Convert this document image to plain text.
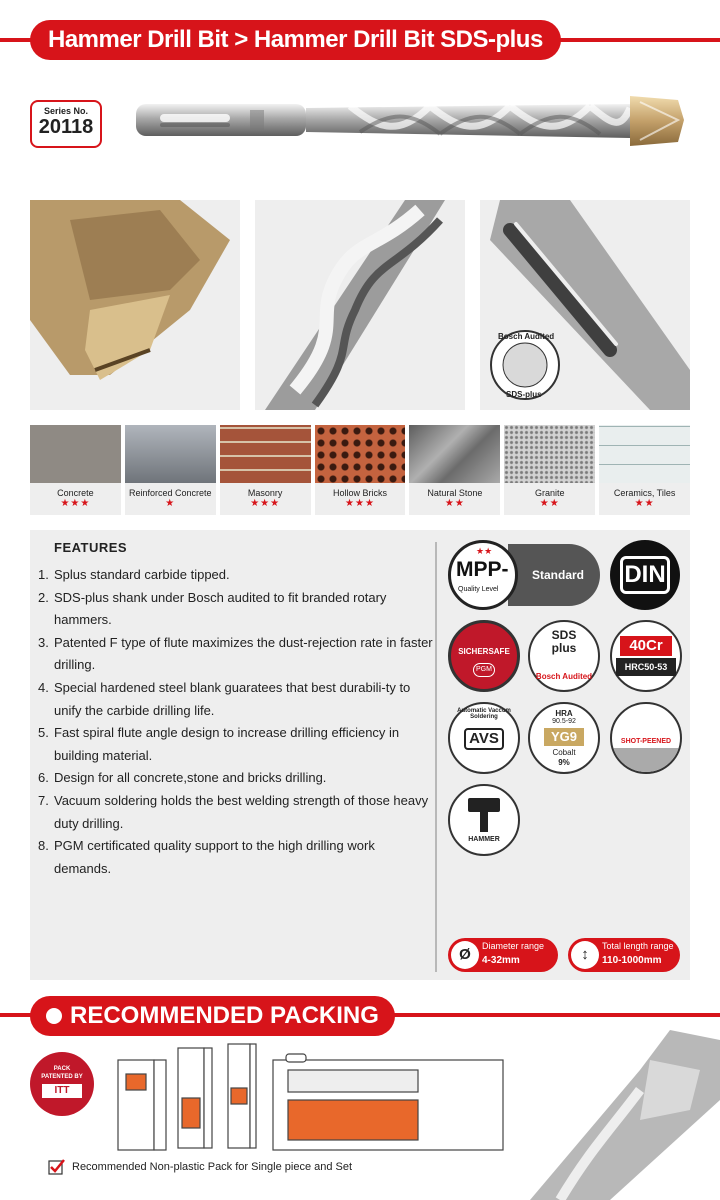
Hammer Drill Bit > Hammer Drill Bit SDS-plus
Series No.
20118
Bosch Audited
SDS-plus
Concrete
★★★
Reinforced Concrete
★
Masonry
★★★
Hollow Bricks
★★★
Natural Stone
★★
Granite
★★
Ceramics, Tiles
★★
FEATURES
1. Splus standard carbide tipped.
2. SDS-plus shank under Bosch audited to fit branded rotary hammers.
3. Patented F type of flute maximizes the dust-rejection rate in faster drilling.
4. Special hardened steel blank guaratees that best durabili-ty to unify the carbide drilling life.
5. Fast spiral flute angle design to increase drilling efficiency in building material.
6. Design for all concrete,stone and bricks drilling.
7. Vacuum soldering holds the best welding strength of those heavy duty drilling.
8. PGM certificated quality support to the high drilling work demands.
★★
MPP-
Quality Level
Standard DIN
SICHERSAFE
PGM
SDS
plus
Bosch Audited
40Cr
HRC50-53
Automatic Vaccum Soldering
AVS
HRA
90.5-92
YG9
Cobalt
9%
SHOT-PEENED
HAMMER
Ø	Diameter range
4-32mm	↕	Total length range
110-1000mm
RECOMMENDED PACKING
PACK
PATENTED BY
ITT
Recommended Non-plastic Pack for Single piece and Set
